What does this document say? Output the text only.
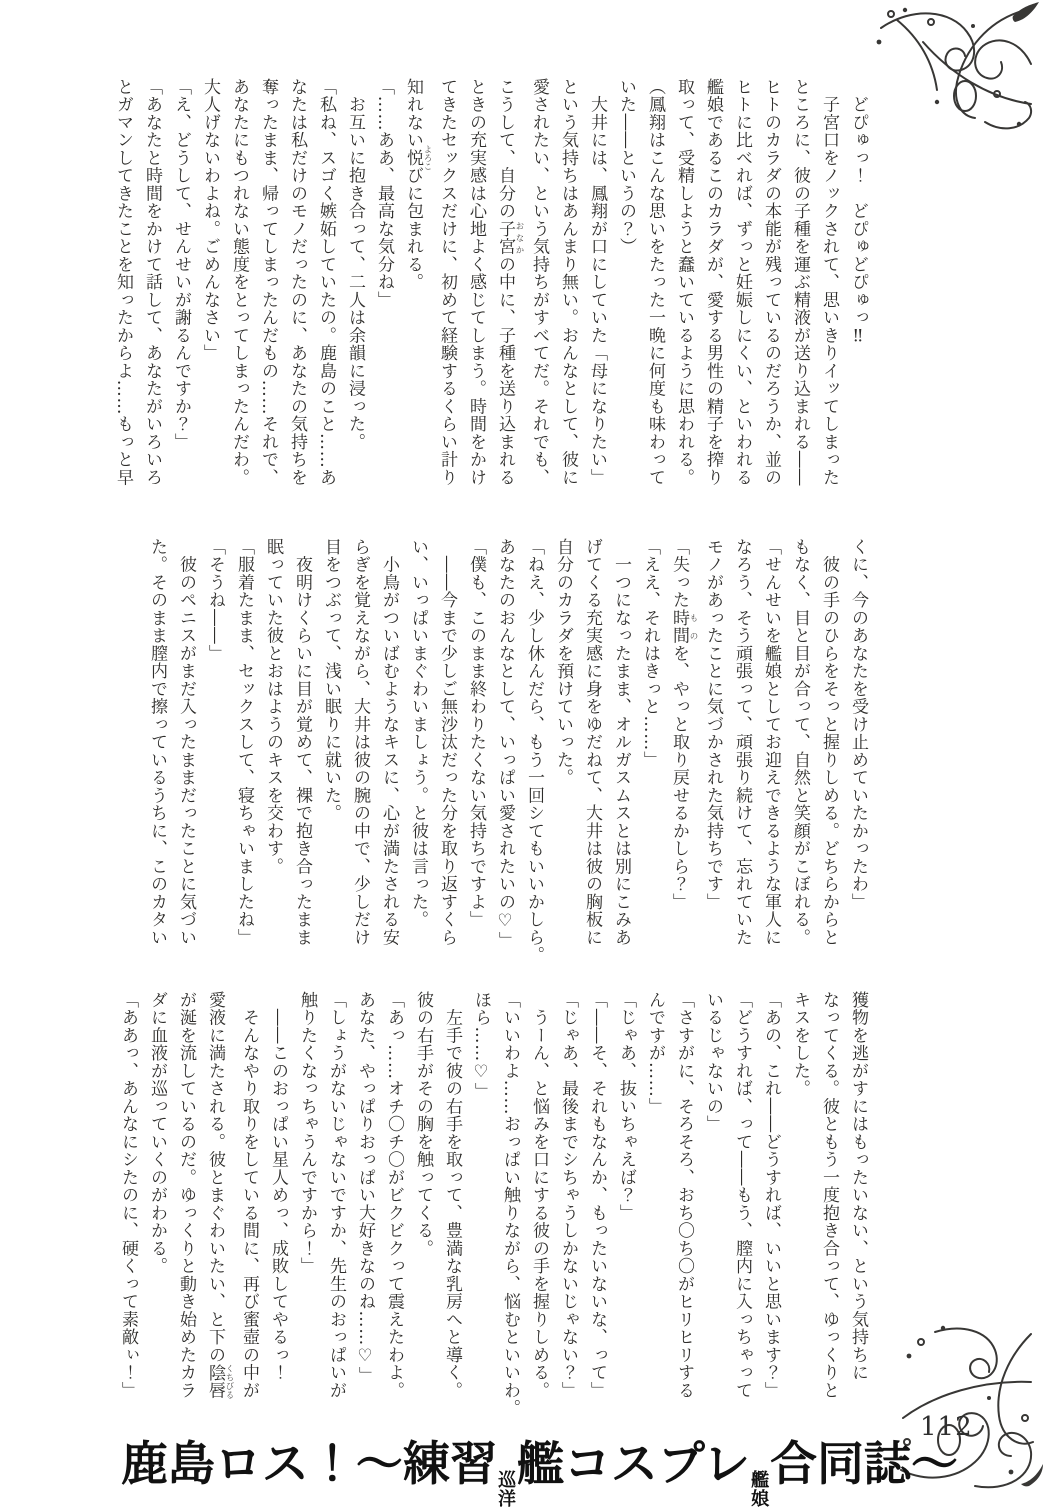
　どぴゅっ！　どぴゅどぴゅっ‼

　子宮口をノックされて、思いきりイッてしまった

ところに、彼の子種を運ぶ精液が送り込まれる――

ヒトのカラダの本能が残っているのだろうか、並の

ヒトに比べれば、ずっと妊娠しにくい、といわれる

艦娘であるこのカラダが、愛する男性の精子を搾り

取って、受精しようと蠢いているように思われる。

（鳳翔はこんな思いをたった一晩に何度も味わって

いた――というの？）

　大井には、鳳翔が口にしていた「母になりたい」

という気持ちはあんまり無い。おんなとして、彼に

愛されたい、という気持ちがすべてだ。それでも、

こうして、自分の子宮 おなかの中に、子種を送り込まれる

ときの充実感は心地よく感じてしまう。時間をかけ

てきたセックスだけに、初めて経験するくらい計り

知れない悦 よろこびに包まれる。

「……ああ、最高な気分ね」

　お互いに抱き合って、二人は余韻に浸った。

「私ね、スゴく嫉妬していたの。鹿島のこと……あ

なたは私だけのモノだったのに、あなたの気持ちを

奪ったまま、帰ってしまったんだもの……それで、

あなたにもつれない態度をとってしまったんだわ。

大人げないわよね。ごめんなさい」

「え、どうして、せんせいが謝るんですか？」

「あなたと時間をかけて話して、あなたがいろいろ

とガマンしてきたことを知ったからよ……もっと早

くに、今のあなたを受け止めていたかったわ」

　彼の手のひらをそっと握りしめる。どちらからと

もなく、目と目が合って、自然と笑顔がこぼれる。

「せんせいを艦娘としてお迎えできるような軍人に

なろう、そう頑張って、頑張り続けて、忘れていた

モノがあったことに気づかされた気持ちです」

「失った時間 ものを、やっと取り戻せるかしら？」

「ええ、それはきっと……」

　一つになったまま、オルガスムスとは別にこみあ

げてくる充実感に身をゆだねて、大井は彼の胸板に

自分のカラダを預けていった。

「ねえ、少し休んだら、もう一回シてもいいかしら。

あなたのおんなとして、いっぱい愛されたいの♡」

「僕も、このまま終わりたくない気持ちですよ」

　――今まで少しご無沙汰だった分を取り返すくら

い、いっぱいまぐわいましょう。と彼は言った。

　小鳥がついばむようなキスに、心が満たされる安

らぎを覚えながら、大井は彼の腕の中で、少しだけ

目をつぶって、浅い眠りに就いた。

　夜明けくらいに目が覚めて、裸で抱き合ったまま

眠っていた彼とおはようのキスを交わす。

「服着たまま、セックスして、寝ちゃいましたね」

「そうね――」

　彼のペニスがまだ入ったままだったことに気づい

た。そのまま膣内で擦っているうちに、このカタい

獲物を逃がすにはもったいない、という気持ちに

なってくる。彼ともう一度抱き合って、ゆっくりと

キスをした。

「あの、これ――どうすれば、いいと思います？」

「どうすれば、って――もう、膣内に入っちゃって

いるじゃないの」

「さすがに、そろそろ、おち〇ち〇がヒリヒリする

んですが……」

「じゃあ、抜いちゃえば？」

「――そ、それもなんか、もったいないな、って」

「じゃあ、最後までシちゃうしかないじゃない？」

　うーん、と悩みを口にする彼の手を握りしめる。

「いいわよ……おっぱい触りながら、悩むといいわ。

ほら……♡」

　左手で彼の右手を取って、豊満な乳房へと導く。

彼の右手がその胸を触ってくる。

「あっ……オチ〇チ〇がビクビクって震えたわよ。

あなた、やっぱりおっぱい大好きなのね……♡」

「しょうがないじゃないですか、先生のおっぱいが

触りたくなっちゃうんですから！」

　――このおっぱい星人めっ、成敗してやるっ！

　そんなやり取りをしている間に、再び蜜壺の中が

愛液に満たされる。彼とまぐわいたい、と下の陰唇 くちびる

が涎を流しているのだ。ゆっくりと動き始めたカラ

ダに血液が巡っていくのがわかる。

「ああっ、あんなにシたのに、硬くって素敵ぃ！」

鹿島ロス！～練習 巡
洋
艦コスプレ 艦
娘
合同誌～
112
